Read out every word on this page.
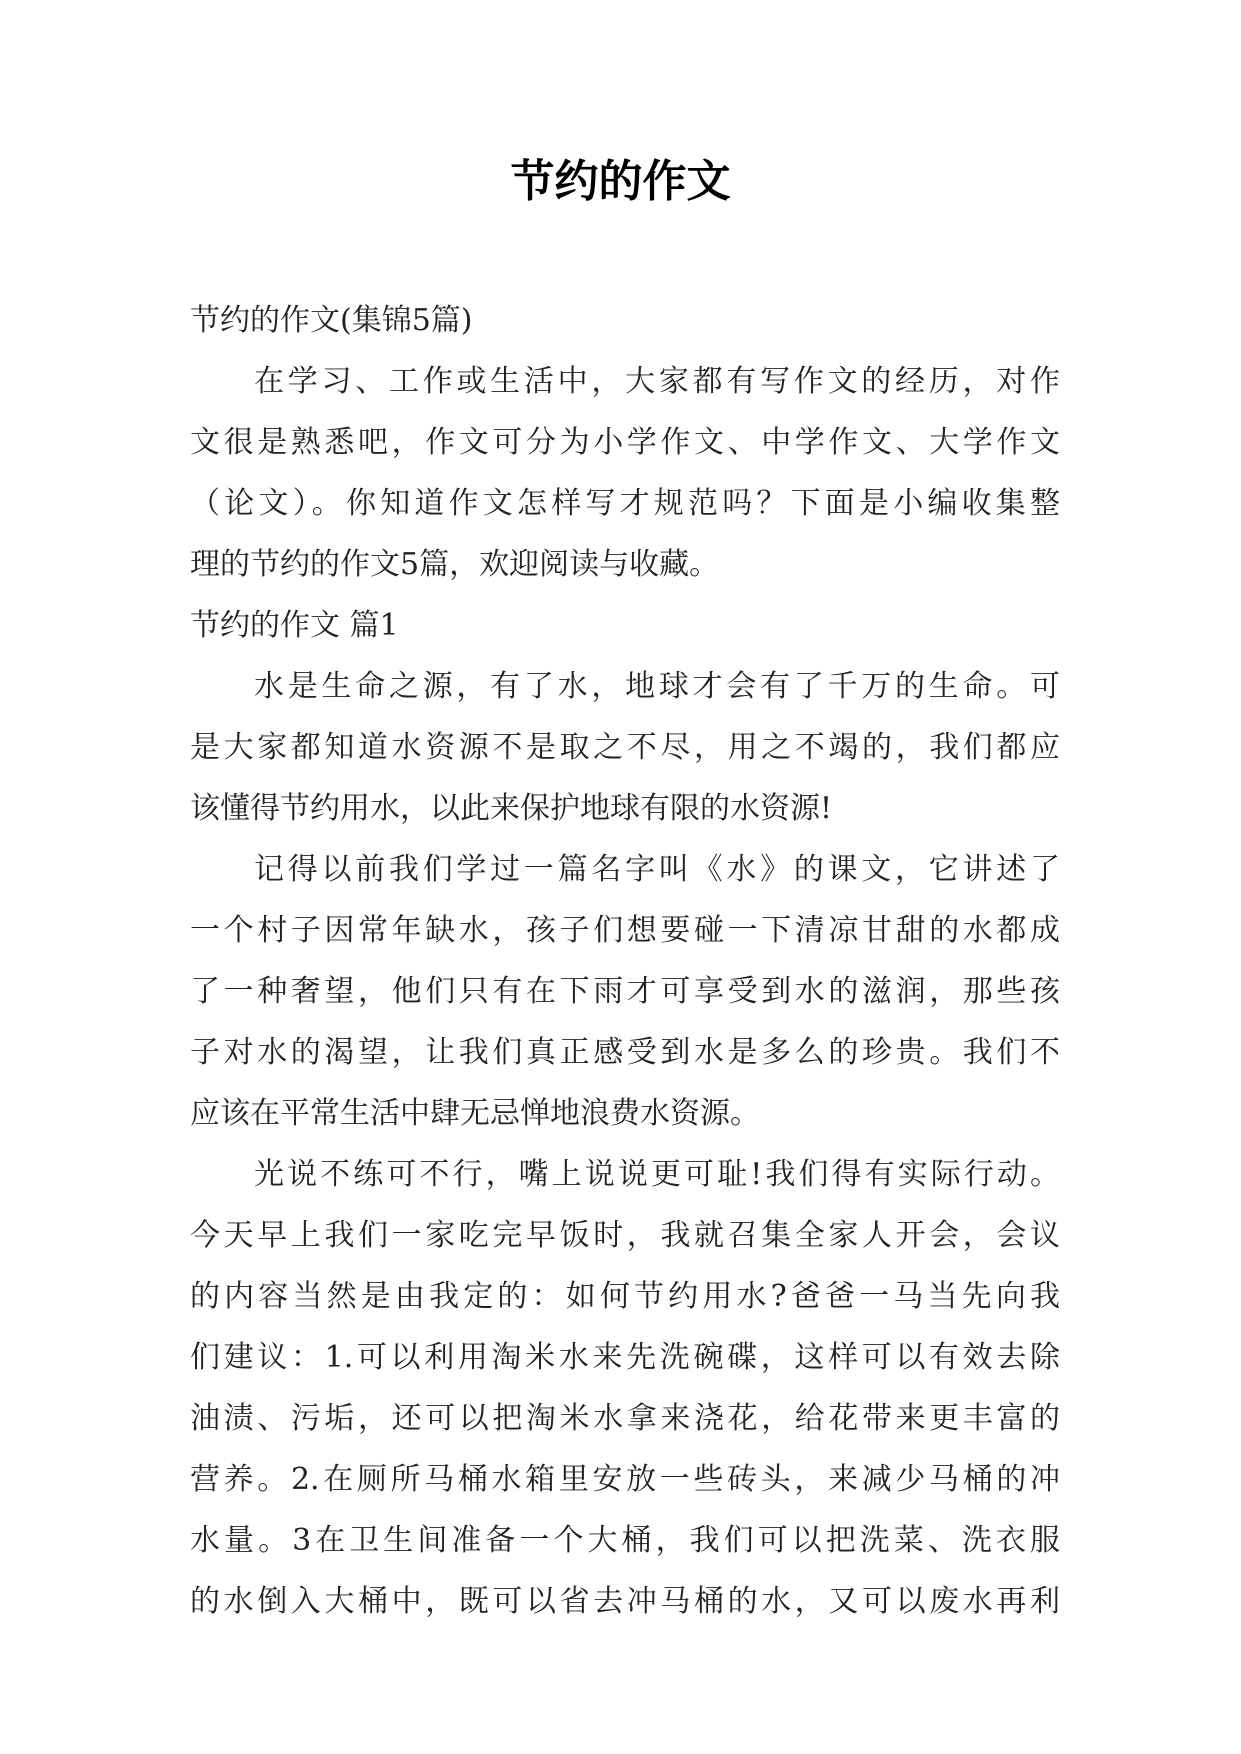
节约的作文
节约的作文(集锦5篇)
在学习、工作或生活中，大家都有写作文的经历，对作
文很是熟悉吧，作文可分为小学作文、中学作文、大学作文
（论文）。你知道作文怎样写才规范吗？下面是小编收集整
理的节约的作文5篇，欢迎阅读与收藏。
节约的作文 篇1
水是生命之源，有了水，地球才会有了千万的生命。可
是大家都知道水资源不是取之不尽，用之不竭的，我们都应
该懂得节约用水，以此来保护地球有限的水资源!
记得以前我们学过一篇名字叫《水》的课文，它讲述了
一个村子因常年缺水，孩子们想要碰一下清凉甘甜的水都成
了一种奢望，他们只有在下雨才可享受到水的滋润，那些孩
子对水的渴望，让我们真正感受到水是多么的珍贵。我们不
应该在平常生活中肆无忌惮地浪费水资源。
光说不练可不行，嘴上说说更可耻!我们得有实际行动。
今天早上我们一家吃完早饭时，我就召集全家人开会，会议
的内容当然是由我定的：如何节约用水?爸爸一马当先向我
们建议：1.可以利用淘米水来先洗碗碟，这样可以有效去除
油渍、污垢，还可以把淘米水拿来浇花，给花带来更丰富的
营养。2.在厕所马桶水箱里安放一些砖头，来减少马桶的冲
水量。3在卫生间准备一个大桶，我们可以把洗菜、洗衣服
的水倒入大桶中，既可以省去冲马桶的水，又可以废水再利
